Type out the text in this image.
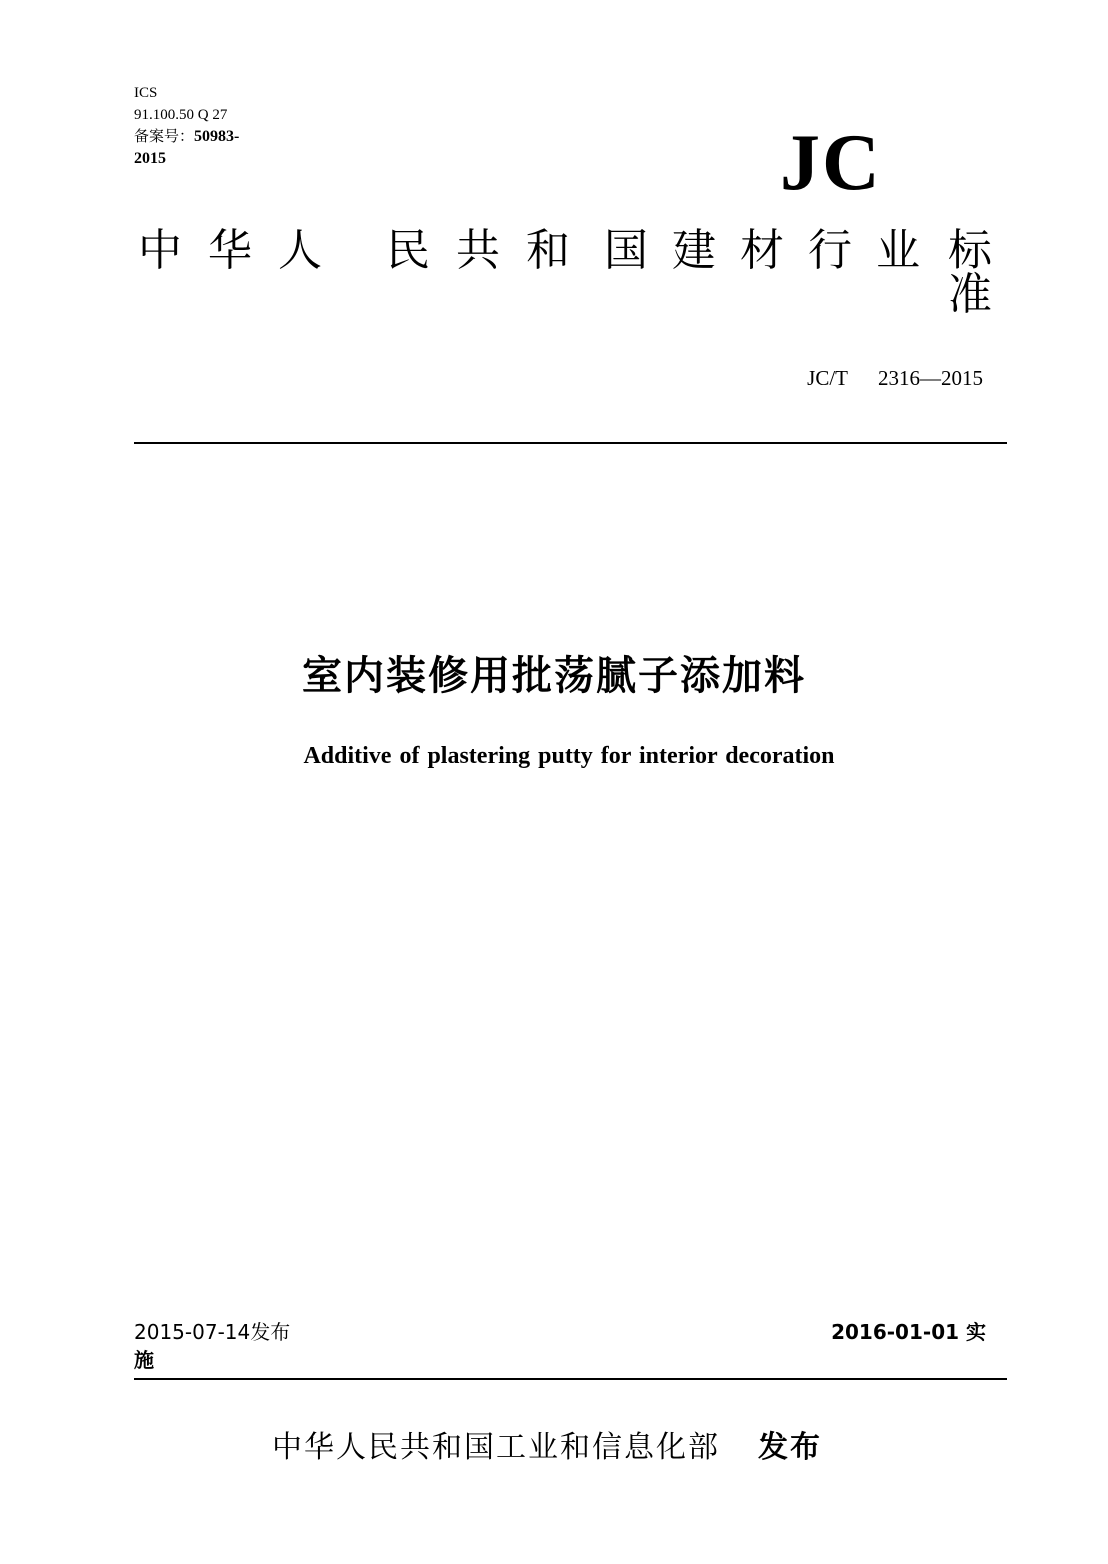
ICS
91.100.50 Q 27
备案号：50983-
2015	JC
中 华 人 民 共 和 国 建 材 行 业 标
准
JC/T 2316—2015
室内装修用批荡腻子添加料
Additive of plastering putty for interior decoration
2015-07-14发布
施
2016-01-01 实
中华人民共和国工业和信息化部 发布
